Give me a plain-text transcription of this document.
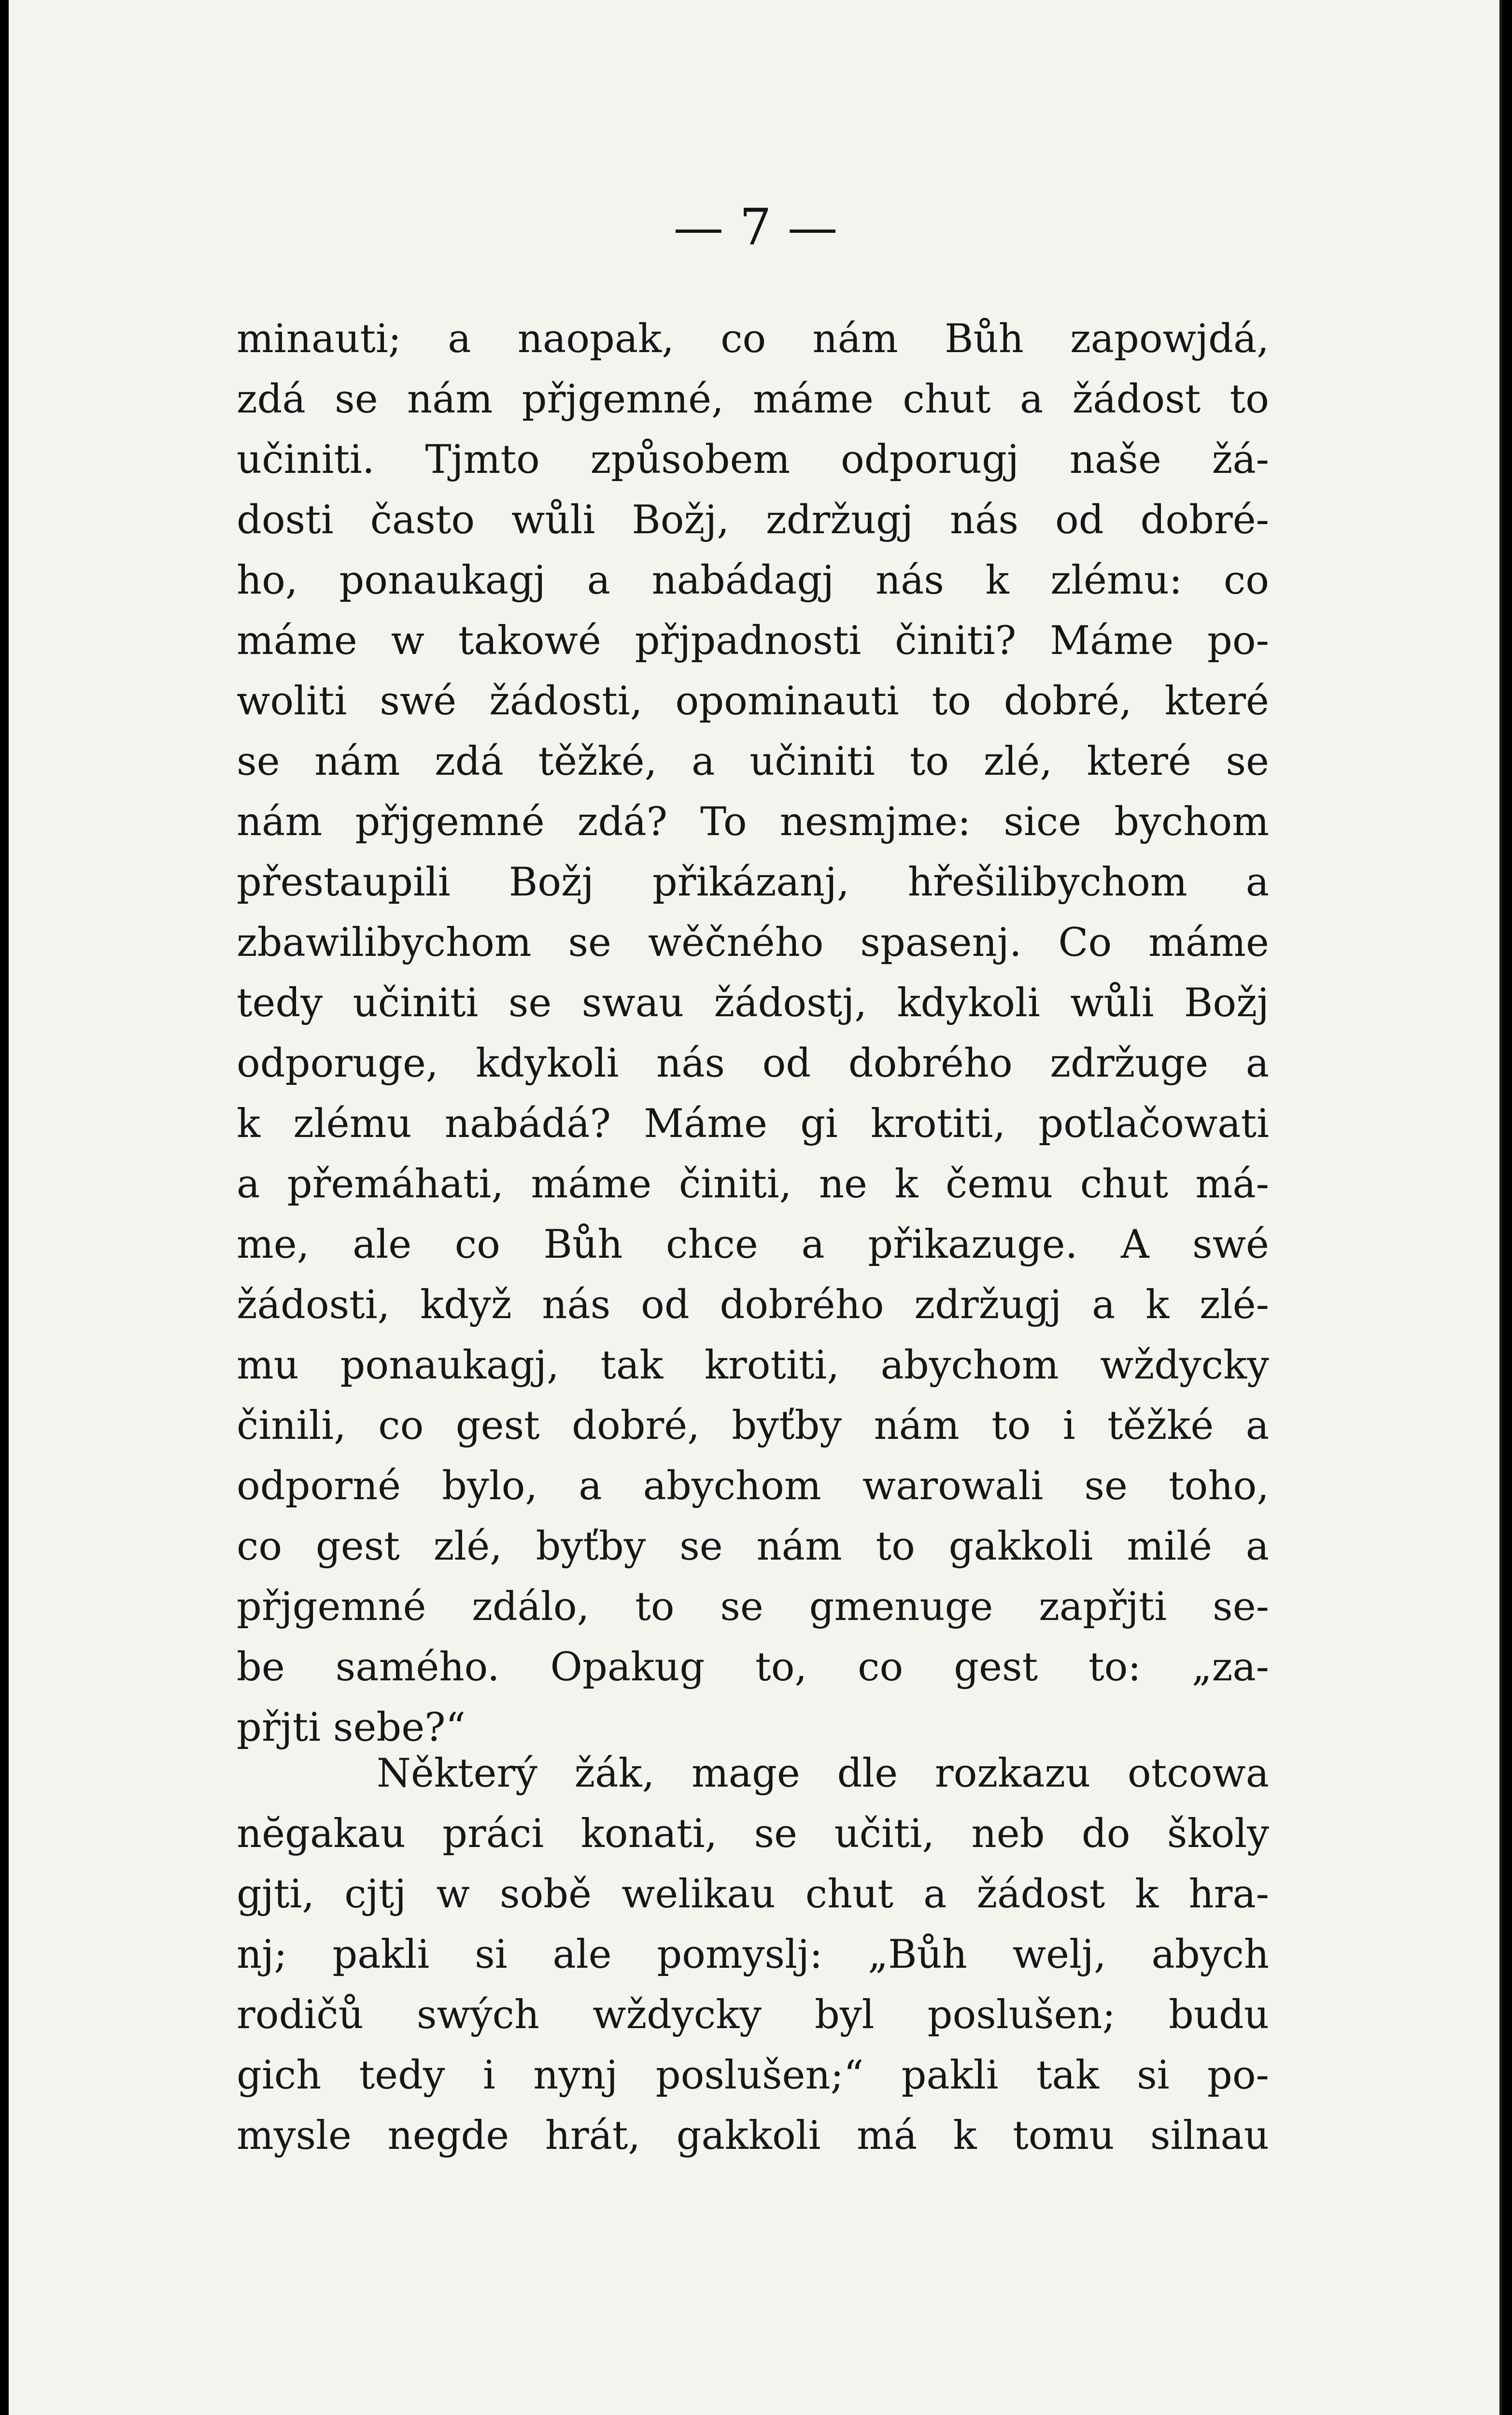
— 7 —
minauti; a naopak, co nám Bůh zapowjdá,
zdá se nám přjgemné, máme chut a žádost to
učiniti. Tjmto způsobem odporugj naše žá-
dosti často wůli Božj, zdržugj nás od dobré-
ho, ponaukagj a nabádagj nás k zlému: co
máme w takowé přjpadnosti činiti? Máme po-
woliti swé žádosti, opominauti to dobré, které
se nám zdá těžké, a učiniti to zlé, které se
nám přjgemné zdá? To nesmjme: sice bychom
přestaupili Božj přikázanj, hřešilibychom a
zbawilibychom se wěčného spasenj. Co máme
tedy učiniti se swau žádostj, kdykoli wůli Božj
odporuge, kdykoli nás od dobrého zdržuge a
k zlému nabádá? Máme gi krotiti, potlačowati
a přemáhati, máme činiti, ne k čemu chut má-
me, ale co Bůh chce a přikazuge. A swé
žádosti, když nás od dobrého zdržugj a k zlé-
mu ponaukagj, tak krotiti, abychom wždycky
činili, co gest dobré, byťby nám to i těžké a
odporné bylo, a abychom warowali se toho,
co gest zlé, byťby se nám to gakkoli milé a
přjgemné zdálo, to se gmenuge zapřjti se-
be samého. Opakug to, co gest to: „za-
přjti sebe?“
Některý žák, mage dle rozkazu otcowa
nĕgakau práci konati, se učiti, neb do školy
gjti, cjtj w sobě welikau chut a žádost k hra-
nj; pakli si ale pomyslj: „Bůh welj, abych
rodičů swých wždycky byl poslušen; budu
gich tedy i nynj poslušen;“ pakli tak si po-
mysle negde hrát, gakkoli má k tomu silnau
